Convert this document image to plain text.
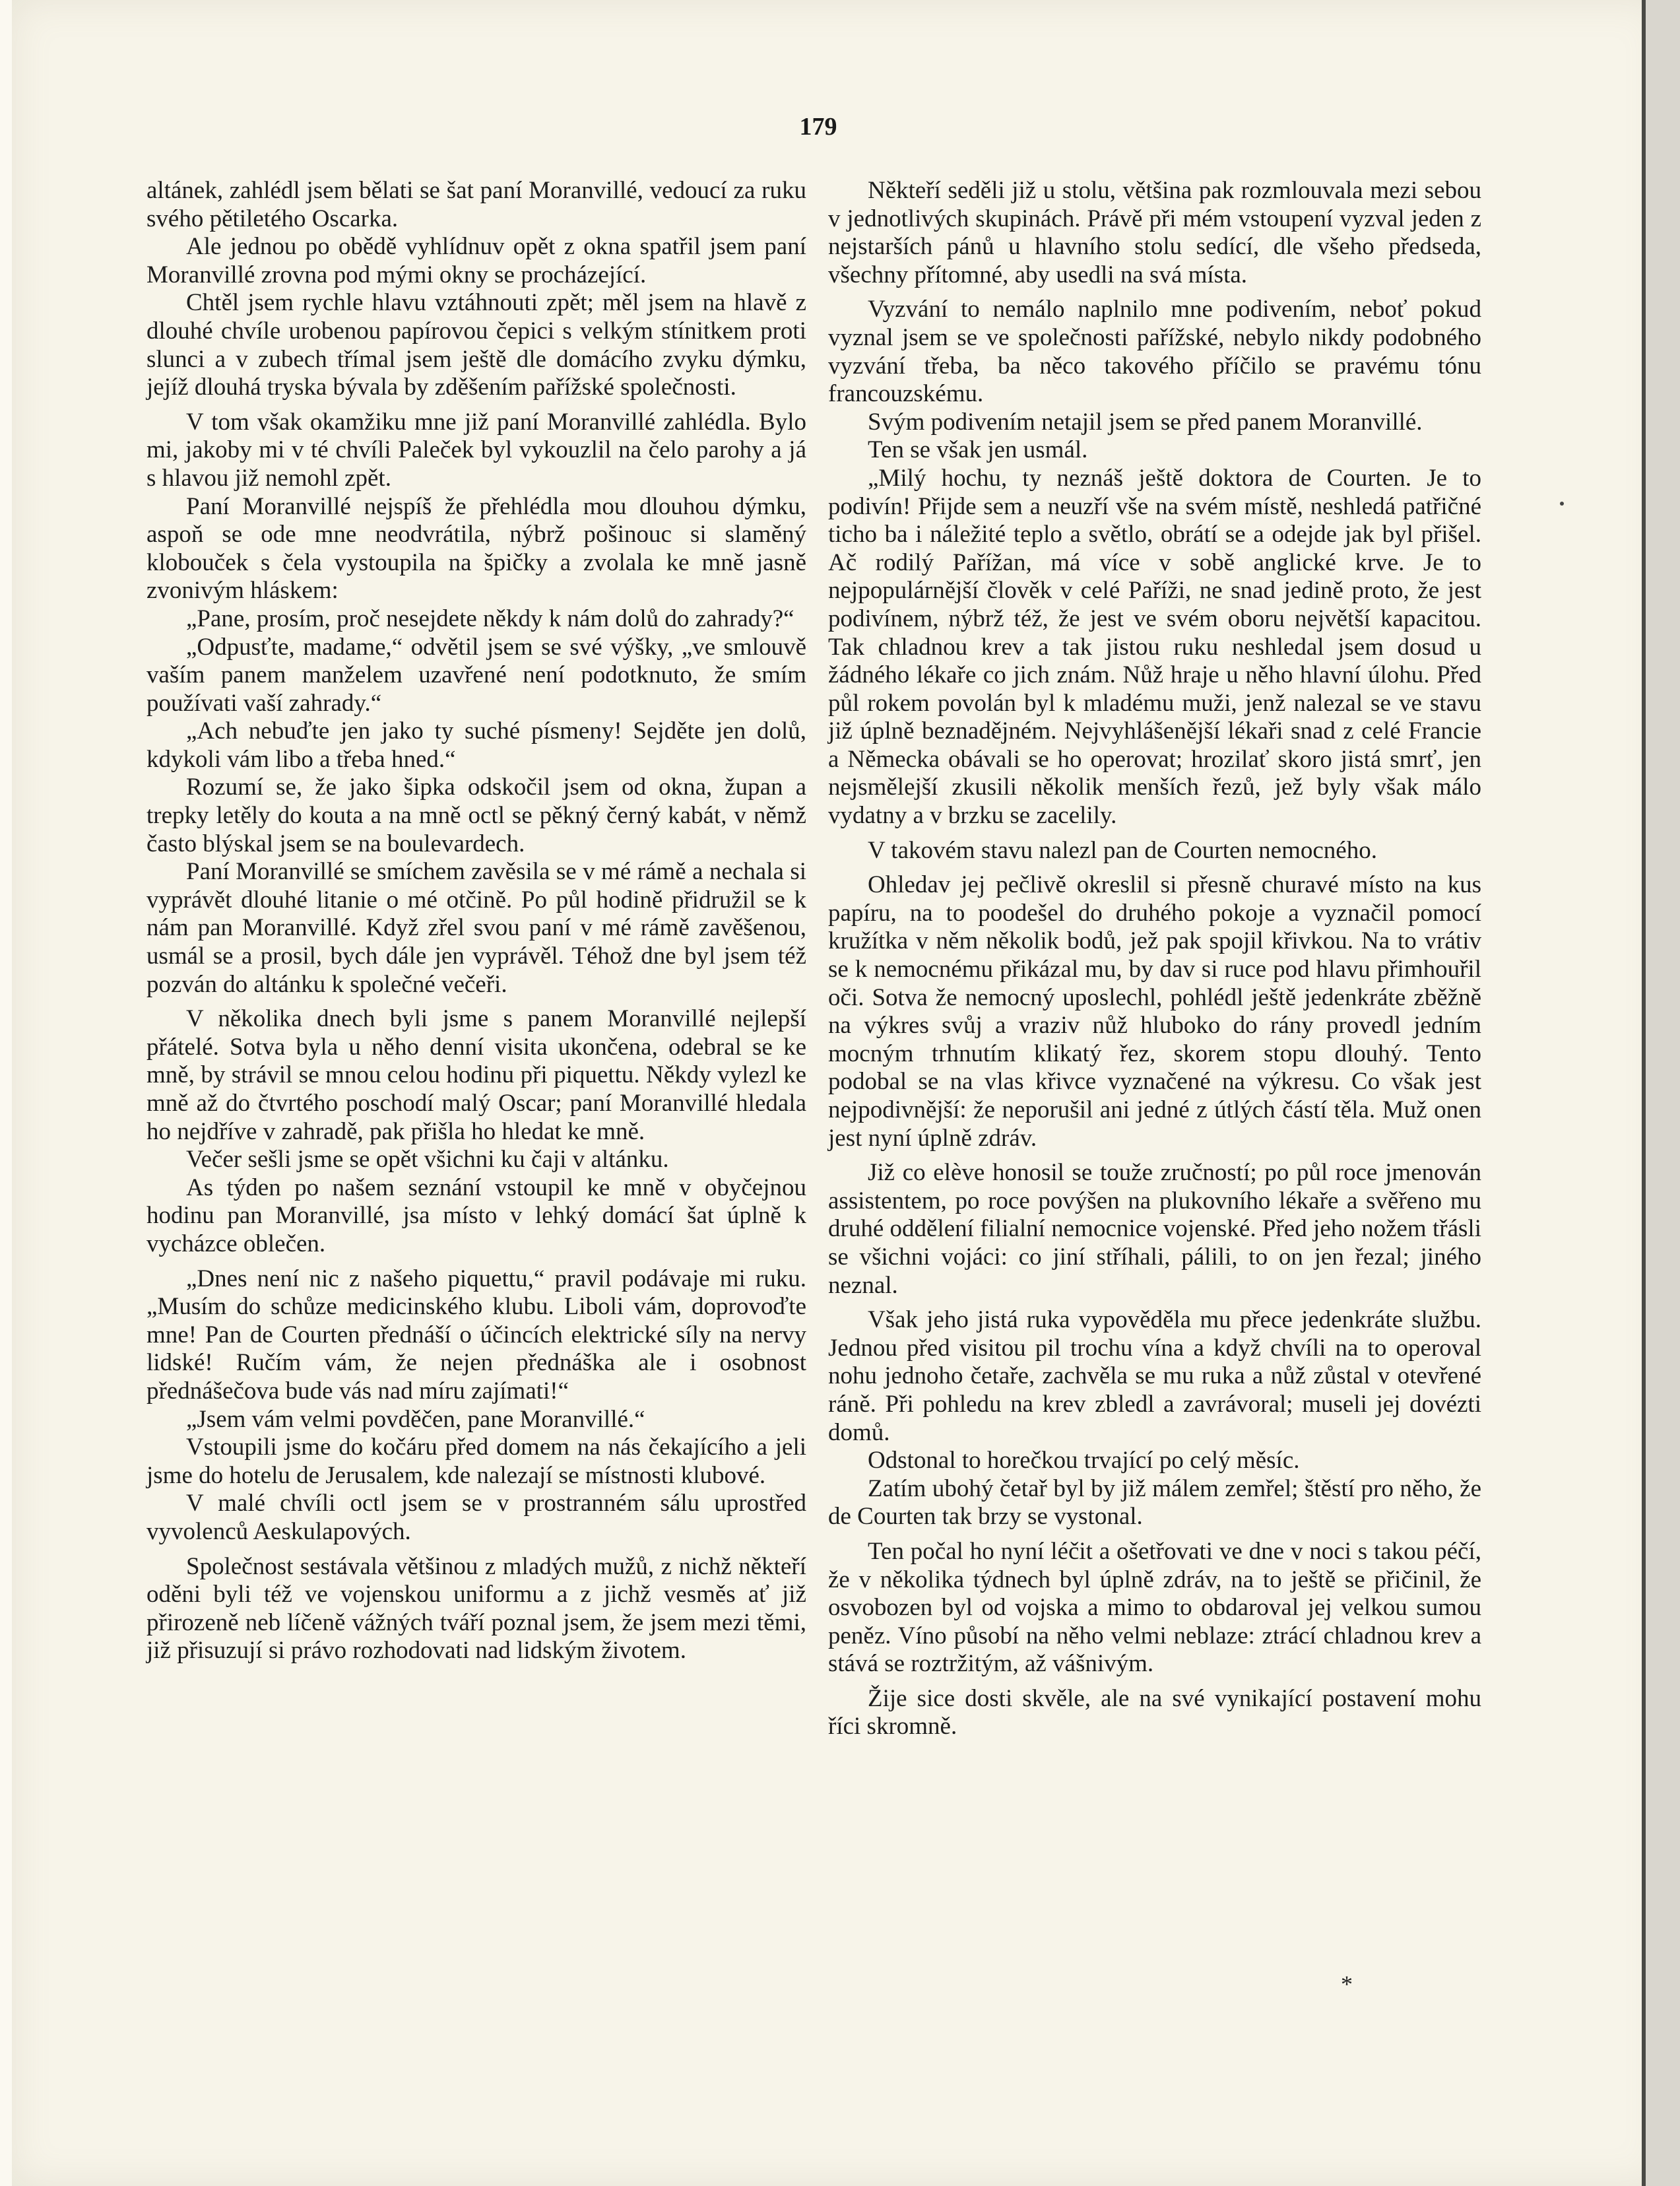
179

altánek, zahlédl jsem bělati se šat paní Moranvillé, vedoucí za ruku svého pětiletého Oscarka.

Ale jednou po obědě vyhlídnuv opět z okna spatřil jsem paní Moranvillé zrovna pod mými okny se procházející.

Chtěl jsem rychle hlavu vztáhnouti zpět; měl jsem na hlavě z dlouhé chvíle urobenou papírovou čepici s velkým stínitkem proti slunci a v zubech třímal jsem ještě dle domácího zvyku dýmku, jejíž dlouhá tryska bývala by zděšením pařížské společnosti.

V tom však okamžiku mne již paní Moranvillé zahlédla. Bylo mi, jakoby mi v té chvíli Paleček byl vykouzlil na čelo parohy a já s hlavou již nemohl zpět.

Paní Moranvillé nejspíš že přehlédla mou dlouhou dýmku, aspoň se ode mne neodvrátila, nýbrž pošinouc si slaměný klobouček s čela vystoupila na špičky a zvolala ke mně jasně zvonivým hláskem:

„Pane, prosím, proč nesejdete někdy k nám dolů do zahrady?“

„Odpusťte, madame,“ odvětil jsem se své výšky, „ve smlouvě vaším panem manželem uzavřené není podotknuto, že smím používati vaší zahrady.“

„Ach nebuďte jen jako ty suché písmeny! Sejděte jen dolů, kdykoli vám libo a třeba hned.“

Rozumí se, že jako šipka odskočil jsem od okna, župan a trepky letěly do kouta a na mně octl se pěkný černý kabát, v němž často blýskal jsem se na boulevardech.

Paní Moranvillé se smíchem zavěsila se v mé rámě a nechala si vyprávět dlouhé litanie o mé otčině. Po půl hodině přidružil se k nám pan Moranvillé. Když zřel svou paní v mé rámě zavěšenou, usmál se a prosil, bych dále jen vyprávěl. Téhož dne byl jsem též pozván do altánku k společné večeři.

V několika dnech byli jsme s panem Moranvillé nejlepší přátelé. Sotva byla u něho denní visita ukončena, odebral se ke mně, by strávil se mnou celou hodinu při piquettu. Někdy vylezl ke mně až do čtvrtého poschodí malý Oscar; paní Moranvillé hledala ho nejdříve v zahradě, pak přišla ho hledat ke mně.

Večer sešli jsme se opět všichni ku čaji v altánku.

As týden po našem seznání vstoupil ke mně v obyčejnou hodinu pan Moranvillé, jsa místo v lehký domácí šat úplně k vycházce oblečen.

„Dnes není nic z našeho piquettu,“ pravil podávaje mi ruku. „Musím do schůze medicinského klubu. Liboli vám, doprovoďte mne! Pan de Courten přednáší o účincích elektrické síly na nervy lidské! Ručím vám, že nejen přednáška ale i osobnost přednášečova bude vás nad míru zajímati!“

„Jsem vám velmi povděčen, pane Moranvillé.“

Vstoupili jsme do kočáru před domem na nás čekajícího a jeli jsme do hotelu de Jerusalem, kde nalezají se místnosti klubové.

V malé chvíli octl jsem se v prostranném sálu uprostřed vyvolenců Aeskulapových.

Společnost sestávala většinou z mladých mužů, z nichž někteří oděni byli též ve vojenskou uniformu a z jichž vesměs ať již přirozeně neb líčeně vážných tváří poznal jsem, že jsem mezi těmi, již přisuzují si právo rozhodovati nad lidským životem.

Někteří seděli již u stolu, většina pak rozmlouvala mezi sebou v jednotlivých skupinách. Právě při mém vstoupení vyzval jeden z nejstarších pánů u hlavního stolu sedící, dle všeho předseda, všechny přítomné, aby usedli na svá místa.

Vyzvání to nemálo naplnilo mne podivením, neboť pokud vyznal jsem se ve společnosti pařížské, nebylo nikdy podobného vyzvání třeba, ba něco takového příčilo se pravému tónu francouzskému.

Svým podivením netajil jsem se před panem Moranvillé.

Ten se však jen usmál.

„Milý hochu, ty neznáš ještě doktora de Courten. Je to podivín! Přijde sem a neuzří vše na svém místě, neshledá patřičné ticho ba i náležité teplo a světlo, obrátí se a odejde jak byl přišel. Ač rodilý Pařížan, má více v sobě anglické krve. Je to nejpopulárnější člověk v celé Paříži, ne snad jedině proto, že jest podivínem, nýbrž též, že jest ve svém oboru největší kapacitou. Tak chladnou krev a tak jistou ruku neshledal jsem dosud u žádného lékaře co jich znám. Nůž hraje u něho hlavní úlohu. Před půl rokem povolán byl k mladému muži, jenž nalezal se ve stavu již úplně beznadějném. Nejvyhlášenější lékaři snad z celé Francie a Německa obávali se ho operovat; hrozilať skoro jistá smrť, jen nejsmělejší zkusili několik menších řezů, jež byly však málo vydatny a v brzku se zacelily.

V takovém stavu nalezl pan de Courten nemocného.

Ohledav jej pečlivě okreslil si přesně churavé místo na kus papíru, na to poodešel do druhého pokoje a vyznačil pomocí kružítka v něm několik bodů, jež pak spojil křivkou. Na to vrátiv se k nemocnému přikázal mu, by dav si ruce pod hlavu přimhouřil oči. Sotva že nemocný uposlechl, pohlédl ještě jedenkráte zběžně na výkres svůj a vraziv nůž hluboko do rány provedl jedním mocným trhnutím klikatý řez, skorem stopu dlouhý. Tento podobal se na vlas křivce vyznačené na výkresu. Co však jest nejpodivnější: že neporušil ani jedné z útlých částí těla. Muž onen jest nyní úplně zdráv.

Již co elève honosil se touže zručností; po půl roce jmenován assistentem, po roce povýšen na plukovního lékaře a svěřeno mu druhé oddělení filialní nemocnice vojenské. Před jeho nožem třásli se všichni vojáci: co jiní stříhali, pálili, to on jen řezal; jiného neznal.

Však jeho jistá ruka vypověděla mu přece jedenkráte službu. Jednou před visitou pil trochu vína a když chvíli na to operoval nohu jednoho četaře, zachvěla se mu ruka a nůž zůstal v otevřené ráně. Při pohledu na krev zbledl a zavrávoral; museli jej dovézti domů.

Odstonal to horečkou trvající po celý měsíc.

Zatím ubohý četař byl by již málem zemřel; štěstí pro něho, že de Courten tak brzy se vystonal.

Ten počal ho nyní léčit a ošetřovati ve dne v noci s takou péčí, že v několika týdnech byl úplně zdráv, na to ještě se přičinil, že osvobozen byl od vojska a mimo to obdaroval jej velkou sumou peněz. Víno působí na něho velmi neblaze: ztrácí chladnou krev a stává se roztržitým, až vášnivým.

Žije sice dosti skvěle, ale na své vynikající postavení mohu říci skromně.

*
